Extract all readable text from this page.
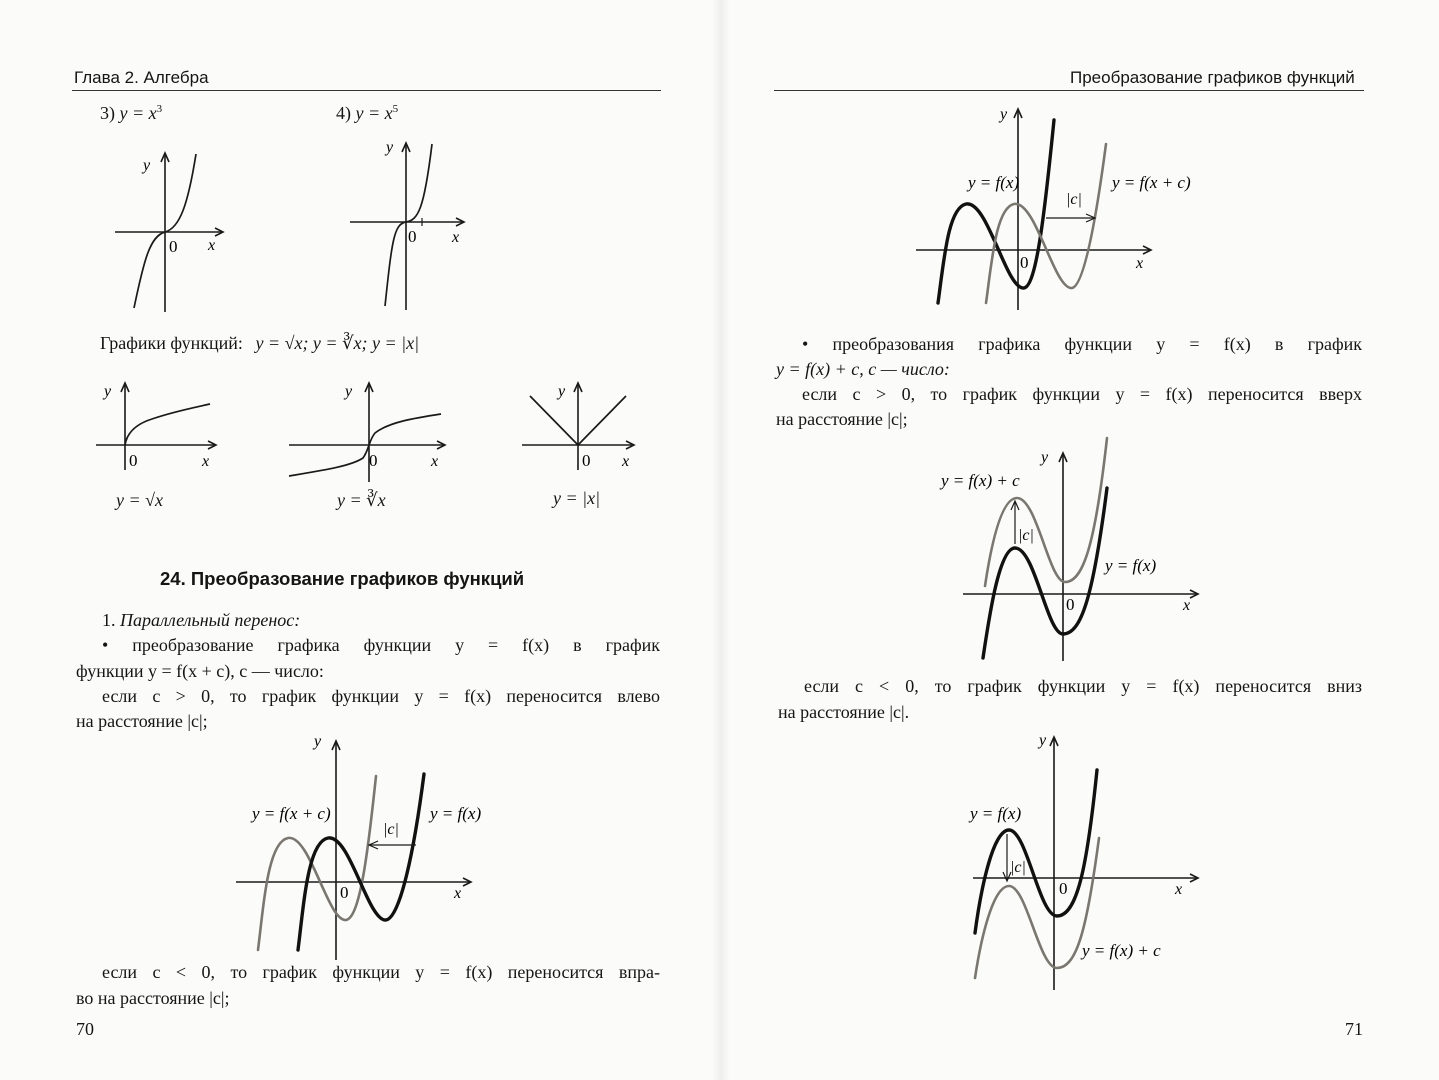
Глава 2. Алгебра
3) $y = x^3$	4) $y = x^5$
y
x
0
y
x
0
Графики функций: y = √x; y = ∛x; y = |x|
y
x
0
y = √x
y
x
0
y = ∛x
y
x
0
y = |x|
24. Преобразование графиков функций
1. Параллельный перенос:
• преобразование графика функции y = f(x) в график
функции y = f(x + c), c — число:
если c > 0, то график функции y = f(x) переносится влево
на расстояние |c|;
y
x
0
y = f(x + c)	y = f(x)
|c|
если c < 0, то график функции y = f(x) переносится впра-
во на расстояние |c|;
70
Преобразование графиков функций
y
x
0
y = f(x)	y = f(x + c)
|c|
• преобразования графика функции y = f(x) в график
y = f(x) + c, c — число:
если c > 0, то график функции y = f(x) переносится вверх
на расстояние |c|;
y
x
0
y = f(x) + c
y = f(x)
|c|
если c < 0, то график функции y = f(x) переносится вниз
на расстояние |c|.
y
x
0
y = f(x)
y = f(x) + c
|c|
71
